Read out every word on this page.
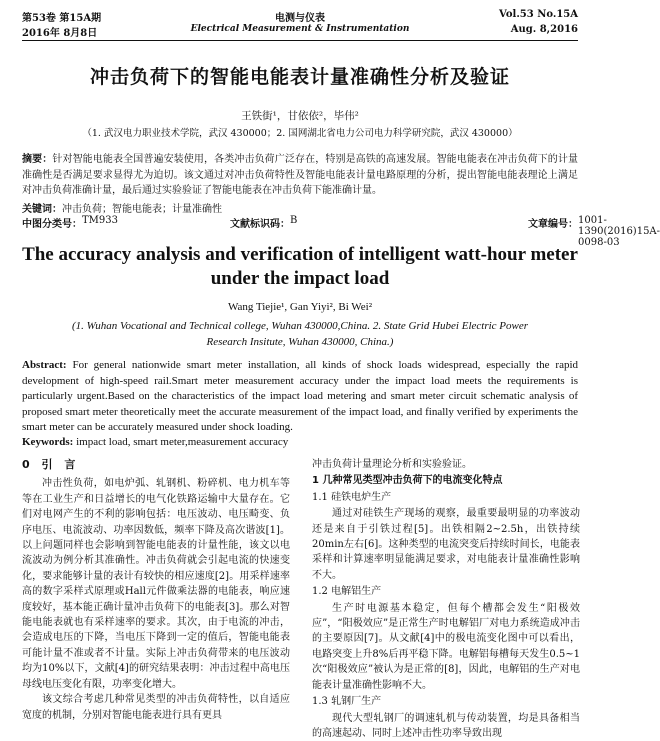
第53卷 第15A期
2016年 8月8日
电测与仪表
Electrical Measurement & Instrumentation
Vol.53 No.15A
Aug. 8,2016
冲击负荷下的智能电能表计量准确性分析及验证
王铁街¹，甘依依²，毕伟²
（1. 武汉电力职业技术学院，武汉 430000；2. 国网湖北省电力公司电力科学研究院，武汉 430000）
摘要：针对智能电能表全国普遍安装使用，各类冲击负荷广泛存在，特别是高铁的高速发展。智能电能表在冲击负荷下的计量准确性是否满足要求显得尤为迫切。该文通过对冲击负荷特性及智能电能表计量电路原理的分析，提出智能电能表理论上满足对冲击负荷准确计量，最后通过实验验证了智能电能表在冲击负荷下能准确计量。
关键词：冲击负荷；智能电能表；计量准确性
中图分类号： TM933	文献标识码： B	文章编号： 1001-1390(2016)15A-0098-03
The accuracy analysis and verification of intelligent watt-hour meter
under the impact load
Wang Tiejie¹, Gan Yiyi², Bi Wei²
(1. Wuhan Vocational and Technical college, Wuhan 430000,China. 2. State Grid Hubei Electric Power Research Insitute, Wuhan 430000, China.)
Abstract: For general nationwide smart meter installation, all kinds of shock loads widespread, especially the rapid development of high-speed rail.Smart meter measurement accuracy under the impact load meets the requirements is particularly urgent.Based on the characteristics of the impact load metering and smart meter circuit schematic analysis of proposed smart meter theoretically meet the accurate measurement of the impact load, and finally verified by experiments the smart meter can be accurately measured under shock loading.
Keywords: impact load, smart meter,measurement accuracy
0 引 言

冲击性负荷，如电炉弧、轧钢机、粉碎机、电力机车等等在工业生产和日益增长的电气化铁路运输中大量存在。它们对电网产生的不利的影响包括：电压波动、电压畸变、负序电压、电流波动、功率因数低，频率下降及高次谐波[1]。以上问题同样也会影响到智能电能表的计量性能，该文以电流波动为例分析其准确性。冲击负荷就会引起电流的快速变化，要求能够计量的表计有较快的相应速度[2]。用采样速率高的数字采样式原理或Hall元件做乘法器的电能表，响应速度较好，基本能正确计量冲击负荷下的电能表[3]。那么对智能电能表就也有采样速率的要求。其次，由于电流的冲击，会造成电压的下降，当电压下降到一定的值后，智能电能表可能计量不准或者不计量。实际上冲击负荷带来的电压波动均为10%以下，文献[4]的研究结果表明：冲击过程中高电压母线电压变化有限，功率变化增大。

该文综合考虑几种常见类型的冲击负荷特性，以自适应宽度的机制，分别对智能电能表进行具有更具

冲击负荷计量理论分析和实验验证。

1 几种常见类型冲击负荷下的电流变化特点
1.1 硅铁电炉生产

通过对硅铁生产现场的观察，最重要最明显的功率波动还是来自于引铁过程[5]。出铁相隔2~2.5h，出铁持续20min左右[6]。这种类型的电流突变后持续时间长，电能表采样和计算速率明显能满足要求，对电能表计量准确性影响不大。

1.2 电解铝生产

生产时电源基本稳定，但每个槽都会发生“阳极效应”，“阳极效应”是正常生产时电解铝厂对电力系统造成冲击的主要原因[7]。从文献[4]中的极电流变化图中可以看出，电路突变上升8%后再平稳下降。电解铝每槽每天发生0.5~1次“阳极效应”被认为是正常的[8]，因此，电解铝的生产对电能表计量准确性影响不大。

1.3 轧钢厂生产

现代大型轧钢厂的调速轧机与传动装置，均是具备相当的高速起动、同时上述冲击性功率导致出现
